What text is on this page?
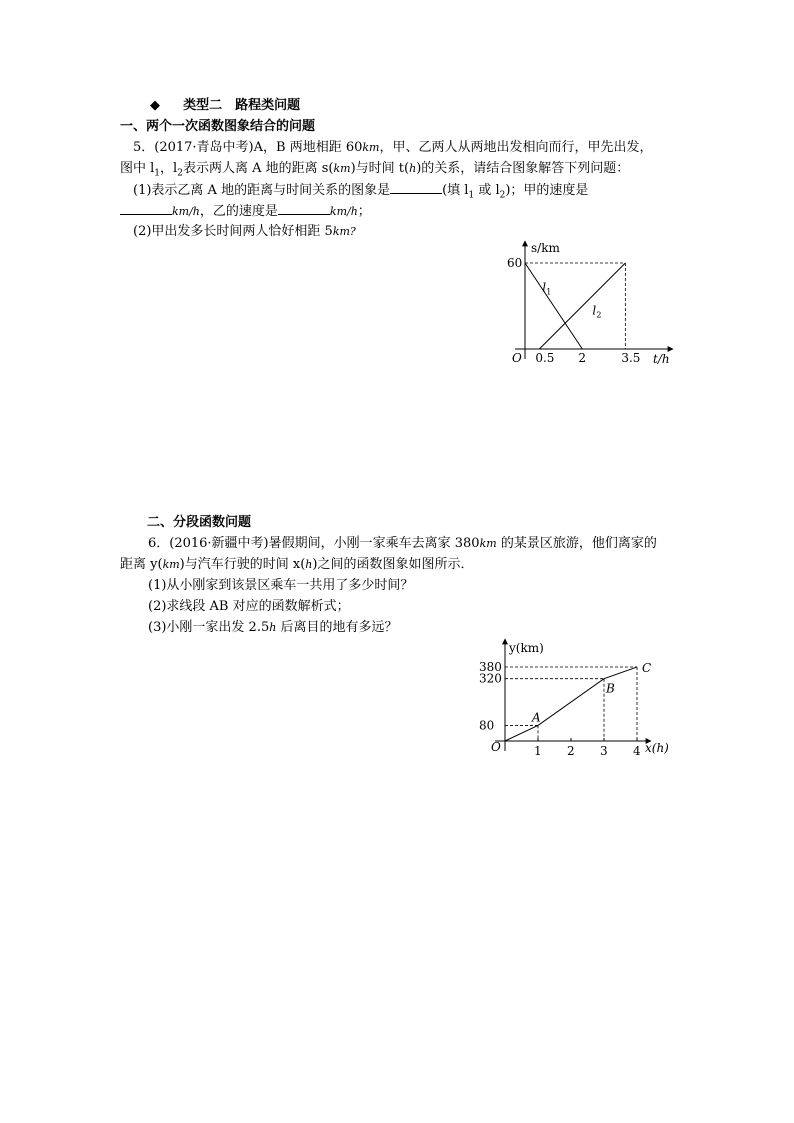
◆ 类型二　路程类问题
一、两个一次函数图象结合的问题
5．(2017·青岛中考)A，B 两地相距 60km，甲、乙两人从两地出发相向而行，甲先出发，
图中 $l_1$，$l_2$表示两人离 A 地的距离 s(km)与时间 t(h)的关系，请结合图象解答下列问题：
(1)表示乙离 A 地的距离与时间关系的图象是	(填 $l_1$ 或 $l_2$)；甲的速度是
km/h，乙的速度是	km/h；
(2)甲出发多长时间两人恰好相距 5km?
s/km
t/h
O
60
0.5 2	3.5
l 1
l 2
二、分段函数问题
6．(2016·新疆中考)暑假期间，小刚一家乘车去离家 380km 的某景区旅游，他们离家的
距离 y(km)与汽车行驶的时间 x(h)之间的函数图象如图所示．
(1)从小刚家到该景区乘车一共用了多少时间？
(2)求线段 AB 对应的函数解析式；
(3)小刚一家出发 2.5h 后离目的地有多远？
y(km)
x(h)
O	1 2 3 4
380
320
80
A
B
C
